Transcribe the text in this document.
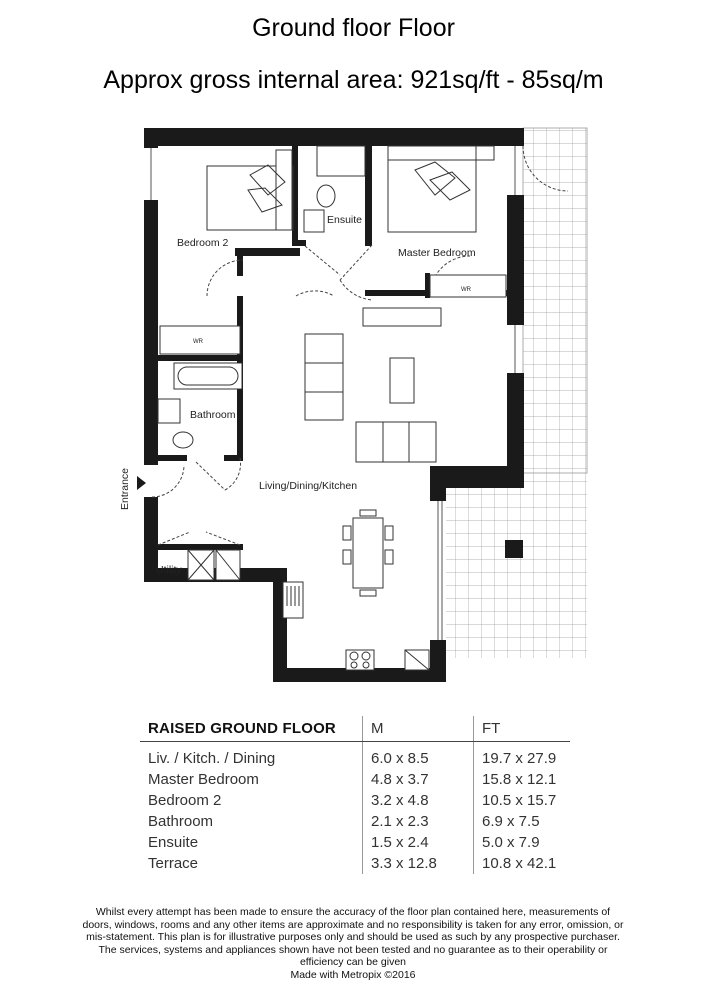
Ground floor Floor
Approx gross internal area: 921sq/ft - 85sq/m
Bedroom 2
Ensuite
Master Bedroom
WR
WR
Bathroom
Living/Dining/Kitchen
Utility
Entrance
RAISED GROUND FLOOR	M	FT
Liv. / Kitch. / Dining	6.0 x 8.5	19.7 x 27.9
Master Bedroom	4.8 x 3.7	15.8 x 12.1
Bedroom 2	3.2 x 4.8	10.5 x 15.7
Bathroom	2.1 x 2.3	6.9 x 7.5
Ensuite	1.5 x 2.4	5.0 x 7.9
Terrace	3.3 x 12.8	10.8 x 42.1
Whilst every attempt has been made to ensure the accuracy of the floor plan contained here, measurements of doors, windows, rooms and any other items are approximate and no responsibility is taken for any error, omission, or mis-statement. This plan is for illustrative purposes only and should be used as such by any prospective purchaser. The services, systems and appliances shown have not been tested and no guarantee as to their operability or efficiency can be given
Made with Metropix ©2016
